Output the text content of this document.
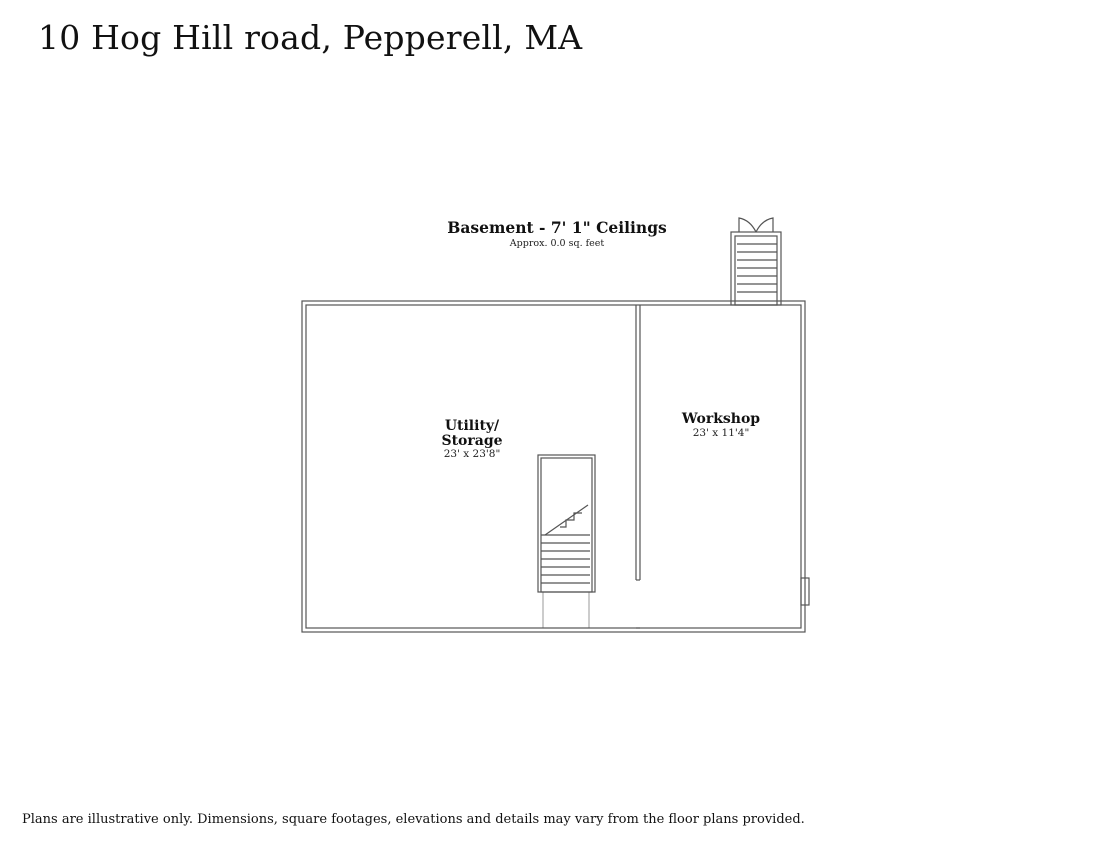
10 Hog Hill road, Pepperell, MA
Basement - 7' 1" Ceilings
Approx. 0.0 sq. feet
Utility/
Storage
23' x 23'8"
Workshop
23' x 11'4"
Plans are illustrative only. Dimensions, square footages, elevations and details may vary from the floor plans provided.
